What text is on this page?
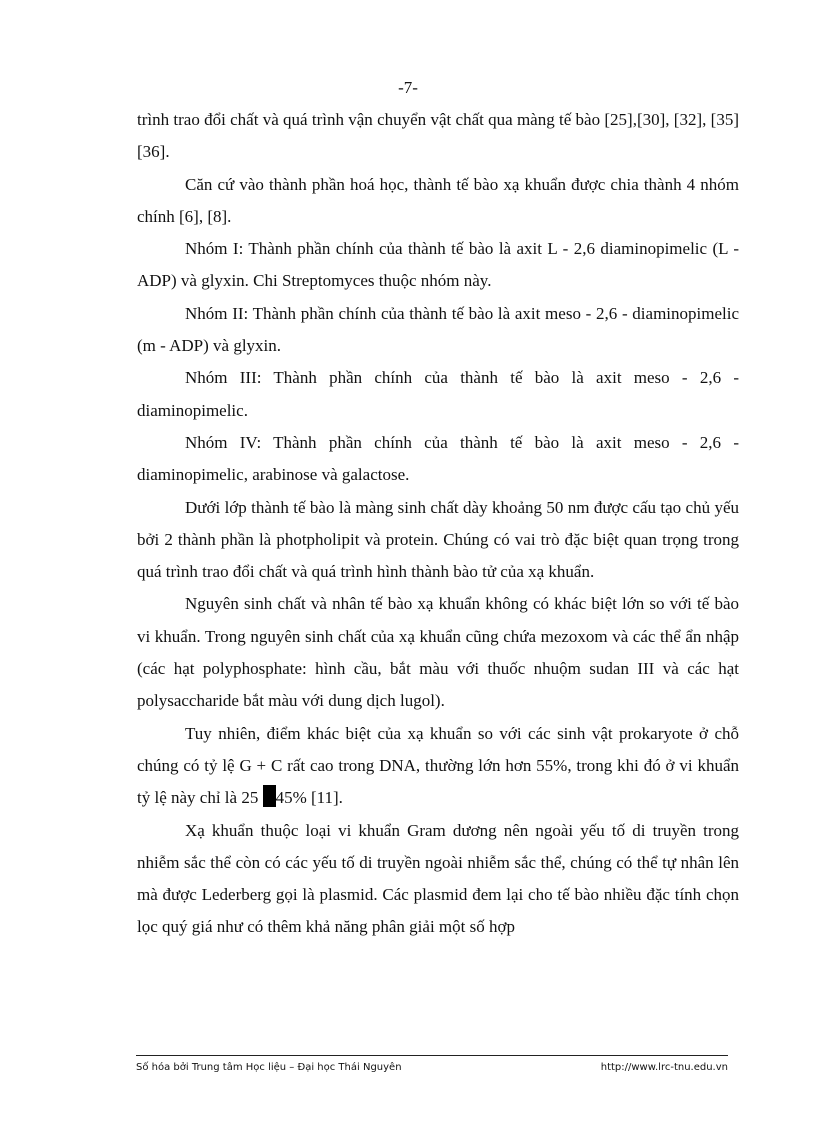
-7-

trình trao đổi chất và quá trình vận chuyển vật chất qua màng tế bào [25],[30], [32], [35] [36].

Căn cứ vào thành phần hoá học, thành tế bào xạ khuẩn được chia thành 4 nhóm chính [6], [8].

Nhóm I: Thành phần chính của thành tế bào là axit L - 2,6 diaminopimelic (L - ADP) và glyxin. Chi Streptomyces thuộc nhóm này.

Nhóm II: Thành phần chính của thành tế bào là axit meso - 2,6 - diaminopimelic (m - ADP) và glyxin.

Nhóm III: Thành phần chính của thành tế bào là axit meso - 2,6 - diaminopimelic.

Nhóm IV: Thành phần chính của thành tế bào là axit meso - 2,6 - diaminopimelic, arabinose và galactose.

Dưới lớp thành tế bào là màng sinh chất dày khoảng 50 nm được cấu tạo chủ yếu bởi 2 thành phần là photpholipit và protein. Chúng có vai trò đặc biệt quan trọng trong quá trình trao đổi chất và quá trình hình thành bào tử của xạ khuẩn.

Nguyên sinh chất và nhân tế bào xạ khuẩn không có khác biệt lớn so với tế bào vi khuẩn. Trong nguyên sinh chất của xạ khuẩn cũng chứa mezoxom và các thể ẩn nhập (các hạt polyphosphate: hình cầu, bắt màu với thuốc nhuộm sudan III và các hạt polysaccharide bắt màu với dung dịch lugol).

Tuy nhiên, điểm khác biệt của xạ khuẩn so với các sinh vật prokaryote ở chỗ chúng có tỷ lệ G + C rất cao trong DNA, thường lớn hơn 55%, trong khi đó ở vi khuẩn tỷ lệ này chỉ là 25 45% [11].

Xạ khuẩn thuộc loại vi khuẩn Gram dương nên ngoài yếu tố di truyền trong nhiễm sắc thể còn có các yếu tố di truyền ngoài nhiễm sắc thể, chúng có thể tự nhân lên mà được Lederberg gọi là plasmid. Các plasmid đem lại cho tế bào nhiều đặc tính chọn lọc quý giá như có thêm khả năng phân giải một số hợp

Số hóa bởi Trung tâm Học liệu – Đại học Thái Nguyên	http://www.lrc-tnu.edu.vn
